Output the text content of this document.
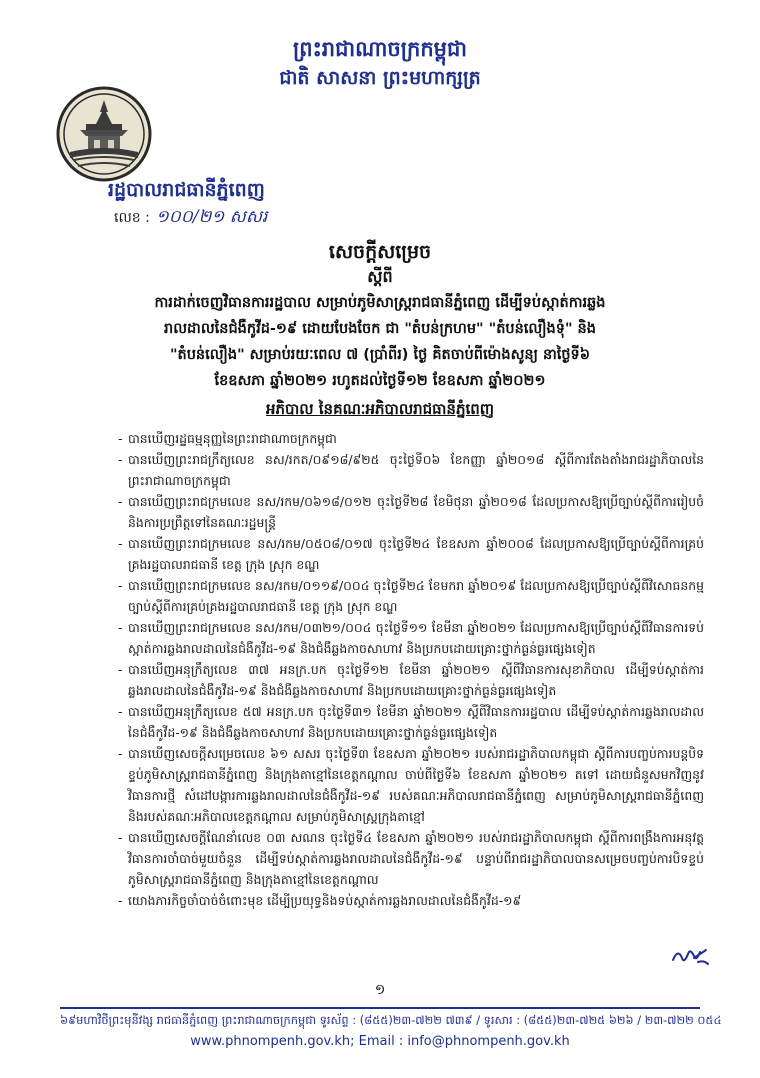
ព្រះរាជាណាចក្រកម្ពុជា
ជាតិ សាសនា ព្រះមហាក្សត្រ
រដ្ឋបាលរាជធានីភ្នំពេញ
លេខ : ១០០/២១ សសរ
សេចក្តីសម្រេច
ស្តីពី
ការដាក់ចេញវិធានការរដ្ឋបាល សម្រាប់ភូមិសាស្ត្ររាជធានីភ្នំពេញ ដើម្បីទប់ស្កាត់ការឆ្លង
រាលដាលនៃជំងឺកូវីដ-១៩ ដោយបែងចែក ជា "តំបន់ក្រហម" "តំបន់លឿងទុំ" និង
"តំបន់លឿង" សម្រាប់រយៈពេល ៧ (ប្រាំពីរ) ថ្ងៃ គិតចាប់ពីម៉ោងសូន្យ នាថ្ងៃទី៦
ខែឧសភា ឆ្នាំ២០២១ រហូតដល់ថ្ងៃទី១២ ខែឧសភា ឆ្នាំ២០២១
អភិបាល នៃគណៈអភិបាលរាជធានីភ្នំពេញ
- បានឃើញរដ្ឋធម្មនុញ្ញនៃព្រះរាជាណាចក្រកម្ពុជា
- បានឃើញព្រះរាជក្រឹត្យលេខ នស/រកត/០៩១៨/៩២៥ ចុះថ្ងៃទី០៦ ខែកញ្ញា ឆ្នាំ២០១៨ ស្តីពីការតែងតាំងរាជរដ្ឋាភិបាលនៃព្រះរាជាណាចក្រកម្ពុជា
- បានឃើញព្រះរាជក្រមលេខ នស/រកម/០៦១៨/០១២ ចុះថ្ងៃទី២៨ ខែមិថុនា ឆ្នាំ២០១៨ ដែលប្រកាសឱ្យប្រើច្បាប់ស្តីពីការរៀបចំ និងការប្រព្រឹត្តទៅនៃគណៈរដ្ឋមន្ត្រី
- បានឃើញព្រះរាជក្រមលេខ នស/រកម/០៥០៨/០១៧ ចុះថ្ងៃទី២៤ ខែឧសភា ឆ្នាំ២០០៨ ដែលប្រកាសឱ្យប្រើច្បាប់ស្តីពីការគ្រប់គ្រងរដ្ឋបាលរាជធានី ខេត្ត ក្រុង ស្រុក ខណ្ឌ
- បានឃើញព្រះរាជក្រមលេខ នស/រកម/០១១៩/០០៤ ចុះថ្ងៃទី២៤ ខែមករា ឆ្នាំ២០១៩ ដែលប្រកាសឱ្យប្រើច្បាប់ស្តីពីវិសោធនកម្មច្បាប់ស្តីពីការគ្រប់គ្រងរដ្ឋបាលរាជធានី ខេត្ត ក្រុង ស្រុក ខណ្ឌ
- បានឃើញព្រះរាជក្រមលេខ នស/រកម/០៣២១/០០៤ ចុះថ្ងៃទី១១ ខែមីនា ឆ្នាំ២០២១ ដែលប្រកាសឱ្យប្រើច្បាប់ស្តីពីវិធានការទប់ស្កាត់ការឆ្លងរាលដាលនៃជំងឺកូវីដ-១៩ និងជំងឺឆ្លងកាចសាហាវ និងប្រកបដោយគ្រោះថ្នាក់ធ្ងន់ធ្ងរផ្សេងទៀត
- បានឃើញអនុក្រឹត្យលេខ ៣៧ អនក្រ.បក ចុះថ្ងៃទី១២ ខែមីនា ឆ្នាំ២០២១ ស្តីពីវិធានការសុខាភិបាល ដើម្បីទប់ស្កាត់ការឆ្លងរាលដាលនៃជំងឺកូវីដ-១៩ និងជំងឺឆ្លងកាចសាហាវ និងប្រកបដោយគ្រោះថ្នាក់ធ្ងន់ធ្ងរផ្សេងទៀត
- បានឃើញអនុក្រឹត្យលេខ ៥៧ អនក្រ.បក ចុះថ្ងៃទី៣១ ខែមីនា ឆ្នាំ២០២១ ស្តីពីវិធានការរដ្ឋបាល ដើម្បីទប់ស្កាត់ការឆ្លងរាលដាលនៃជំងឺកូវីដ-១៩ និងជំងឺឆ្លងកាចសាហាវ និងប្រកបដោយគ្រោះថ្នាក់ធ្ងន់ធ្ងរផ្សេងទៀត
- បានឃើញសេចក្តីសម្រេចលេខ ៦១ សសរ ចុះថ្ងៃទី៣ ខែឧសភា ឆ្នាំ២០២១ របស់រាជរដ្ឋាភិបាលកម្ពុជា ស្តីពីការបញ្ចប់ការបន្តបិទខ្ទប់ភូមិសាស្ត្ររាជធានីភ្នំពេញ និងក្រុងតាខ្មៅនៃខេត្តកណ្តាល ចាប់ពីថ្ងៃទី៦ ខែឧសភា ឆ្នាំ២០២១ តទៅ ដោយជំនួសមកវិញនូវវិធានការថ្មី សំដៅបង្ការការឆ្លងរាលដាលនៃជំងឺកូវីដ-១៩ របស់គណៈអភិបាលរាជធានីភ្នំពេញ សម្រាប់ភូមិសាស្ត្ររាជធានីភ្នំពេញ និងរបស់គណៈអភិបាលខេត្តកណ្តាល សម្រាប់ភូមិសាស្ត្រក្រុងតាខ្មៅ
- បានឃើញសេចក្តីណែនាំលេខ ០៣ សណន ចុះថ្ងៃទី៤ ខែឧសភា ឆ្នាំ២០២១ របស់រាជរដ្ឋាភិបាលកម្ពុជា ស្តីពីការពង្រឹងការអនុវត្តវិធានការចាំបាច់មួយចំនួន ដើម្បីទប់ស្កាត់ការឆ្លងរាលដាលនៃជំងឺកូវីដ-១៩ បន្ទាប់ពីរាជរដ្ឋាភិបាលបានសម្រេចបញ្ចប់ការបិទខ្ទប់ភូមិសាស្ត្ររាជធានីភ្នំពេញ និងក្រុងតាខ្មៅនៃខេត្តកណ្តាល
- យោងភារកិច្ចចាំបាច់ចំពោះមុខ ដើម្បីប្រយុទ្ធនិងទប់ស្កាត់ការឆ្លងរាលដាលនៃជំងឺកូវីដ-១៩
១
៦៩មហាវិថីព្រះមុនីវង្ស រាជធានីភ្នំពេញ ព្រះរាជាណាចក្រកម្ពុជា ទូរស័ព្ទ : (៨៥៥)២៣-៧២២ ៧៣៩ / ទូរសារ : (៨៥៥)២៣-៧២៥ ៦២៦ / ២៣-៧២២ ០៥៤
www.phnompenh.gov.kh; Email : info@phnompenh.gov.kh
